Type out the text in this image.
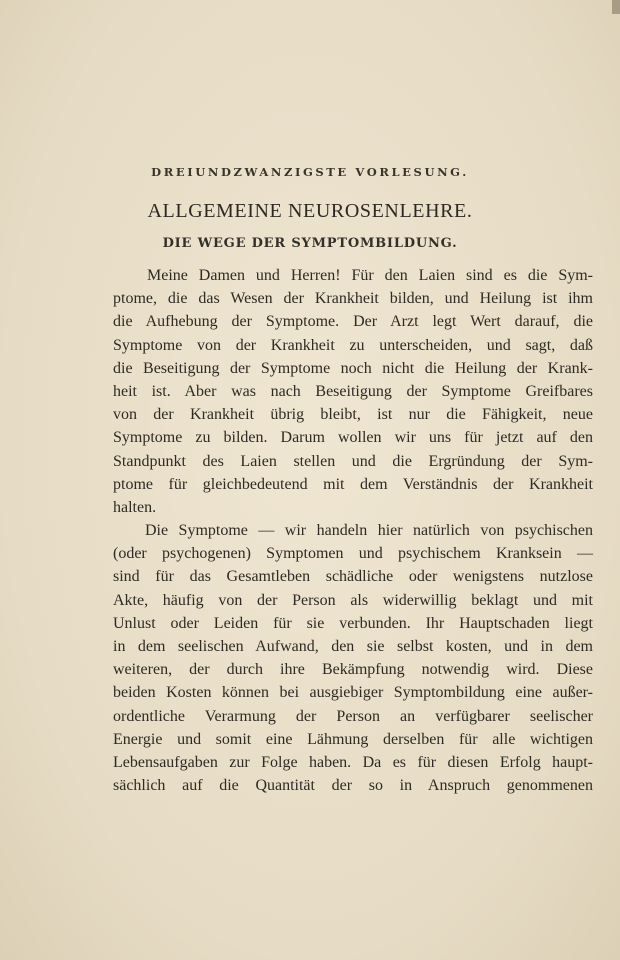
DREIUNDZWANZIGSTE VORLESUNG.
ALLGEMEINE NEUROSENLEHRE.
DIE WEGE DER SYMPTOMBILDUNG.
Meine Damen und Herren! Für den Laien sind es die Sym-
ptome, die das Wesen der Krankheit bilden, und Heilung ist ihm
die Aufhebung der Symptome. Der Arzt legt Wert darauf, die
Symptome von der Krankheit zu unterscheiden, und sagt, daß
die Beseitigung der Symptome noch nicht die Heilung der Krank-
heit ist. Aber was nach Beseitigung der Symptome Greifbares
von der Krankheit übrig bleibt, ist nur die Fähigkeit, neue
Symptome zu bilden. Darum wollen wir uns für jetzt auf den
Standpunkt des Laien stellen und die Ergründung der Sym-
ptome für gleichbedeutend mit dem Verständnis der Krankheit
halten.
Die Symptome — wir handeln hier natürlich von psychischen
(oder psychogenen) Symptomen und psychischem Kranksein —
sind für das Gesamtleben schädliche oder wenigstens nutzlose
Akte, häufig von der Person als widerwillig beklagt und mit
Unlust oder Leiden für sie verbunden. Ihr Hauptschaden liegt
in dem seelischen Aufwand, den sie selbst kosten, und in dem
weiteren, der durch ihre Bekämpfung notwendig wird. Diese
beiden Kosten können bei ausgiebiger Symptombildung eine außer-
ordentliche Verarmung der Person an verfügbarer seelischer
Energie und somit eine Lähmung derselben für alle wichtigen
Lebensaufgaben zur Folge haben. Da es für diesen Erfolg haupt-
sächlich auf die Quantität der so in Anspruch genommenen
